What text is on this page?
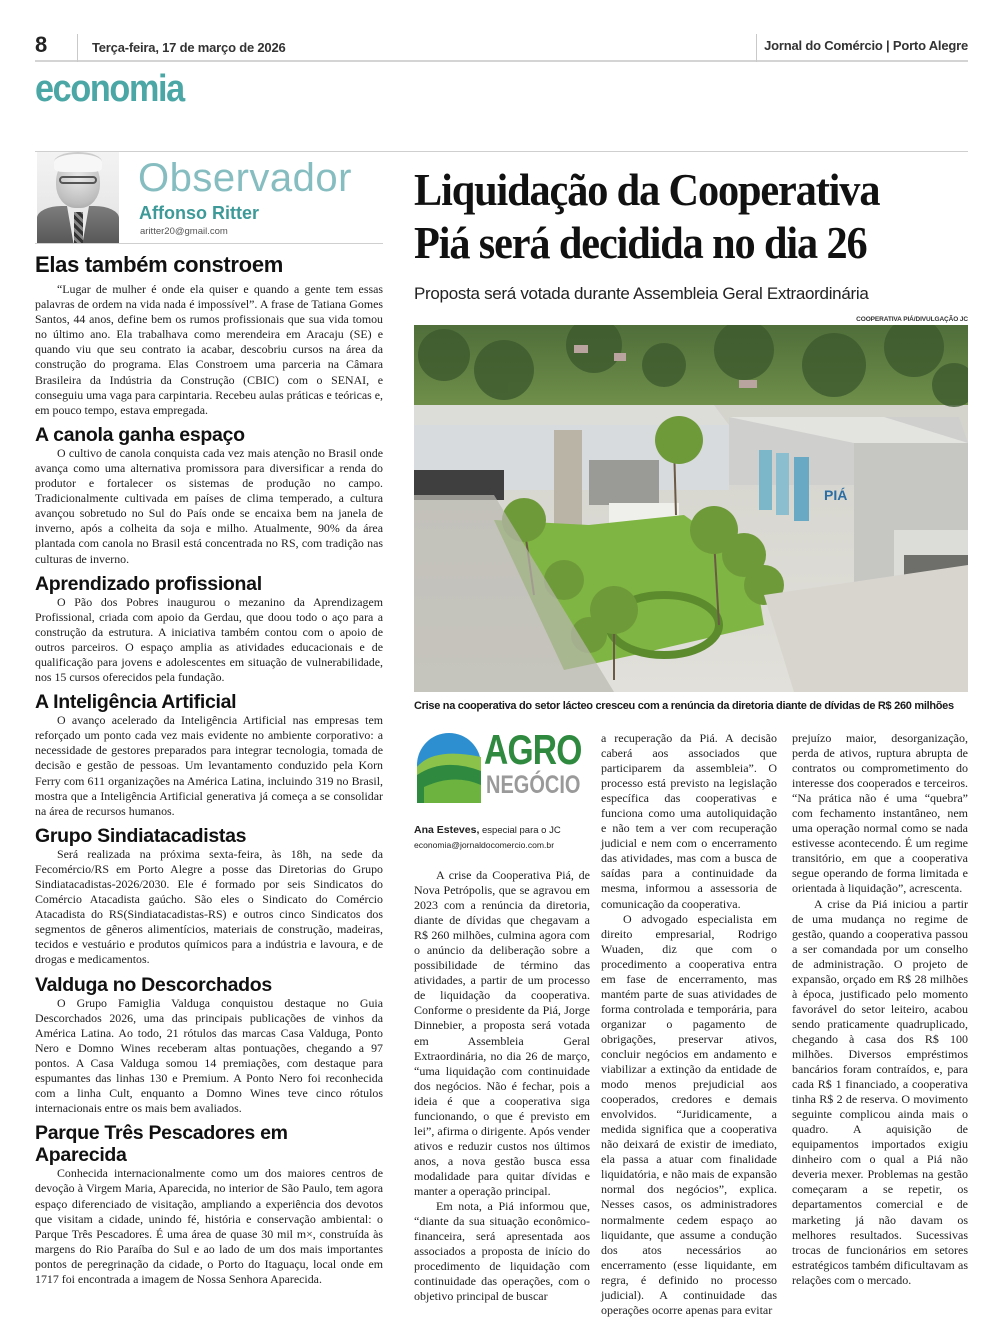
8	Terça-feira, 17 de março de 2026	Jornal do Comércio | Porto Alegre
economia
Observador
Affonso Ritter
aritter20@gmail.com
Elas também constroem

“Lugar de mulher é onde ela quiser e quando a gente tem essas palavras de ordem na vida nada é impossível”. A frase de Tatiana Gomes Santos, 44 anos, define bem os rumos profissionais que sua vida tomou no último ano. Ela trabalhava como merendeira em Aracaju (SE) e quando viu que seu contrato ia acabar, descobriu cursos na área da construção do programa. Elas Constroem uma parceria na Câmara Brasileira da Indústria da Construção (CBIC) com o SENAI, e conseguiu uma vaga para carpintaria. Recebeu aulas práticas e teóricas e, em pouco tempo, estava empregada.

A canola ganha espaço

O cultivo de canola conquista cada vez mais atenção no Brasil onde avança como uma alternativa promissora para diversificar a renda do produtor e fortalecer os sistemas de produção no campo. Tradicionalmente cultivada em países de clima temperado, a cultura avançou sobretudo no Sul do País onde se encaixa bem na janela de inverno, após a colheita da soja e milho. Atualmente, 90% da área plantada com canola no Brasil está concentrada no RS, com tradição nas culturas de inverno.

Aprendizado profissional

O Pão dos Pobres inaugurou o mezanino da Aprendizagem Profissional, criada com apoio da Gerdau, que doou todo o aço para a construção da estrutura. A iniciativa também contou com o apoio de outros parceiros. O espaço amplia as atividades educacionais e de qualificação para jovens e adolescentes em situação de vulnerabilidade, nos 15 cursos oferecidos pela fundação.

A Inteligência Artificial

O avanço acelerado da Inteligência Artificial nas empresas tem reforçado um ponto cada vez mais evidente no ambiente corporativo: a necessidade de gestores preparados para integrar tecnologia, tomada de decisão e gestão de pessoas. Um levantamento conduzido pela Korn Ferry com 611 organizações na América Latina, incluindo 319 no Brasil, mostra que a Inteligência Artificial generativa já começa a se consolidar na área de recursos humanos.

Grupo Sindiatacadistas

Será realizada na próxima sexta-feira, às 18h, na sede da Fecomércio/RS em Porto Alegre a posse das Diretorias do Grupo Sindiatacadistas-2026/2030. Ele é formado por seis Sindicatos do Comércio Atacadista gaúcho. São eles o Sindicato do Comércio Atacadista do RS(Sindiatacadistas-RS) e outros cinco Sindicatos dos segmentos de gêneros alimentícios, materiais de construção, madeiras, tecidos e vestuário e produtos químicos para a indústria e lavoura, e de drogas e medicamentos.

Valduga no Descorchados

O Grupo Famiglia Valduga conquistou destaque no Guia Descorchados 2026, uma das principais publicações de vinhos da América Latina. Ao todo, 21 rótulos das marcas Casa Valduga, Ponto Nero e Domno Wines receberam altas pontuações, chegando a 97 pontos. A Casa Valduga somou 14 premiações, com destaque para espumantes das linhas 130 e Premium. A Ponto Nero foi reconhecida com a linha Cult, enquanto a Domno Wines teve cinco rótulos internacionais entre os mais bem avaliados.

Parque Três Pescadores em Aparecida

Conhecida internacionalmente como um dos maiores centros de devoção à Virgem Maria, Aparecida, no interior de São Paulo, tem agora espaço diferenciado de visitação, ampliando a experiência dos devotos que visitam a cidade, unindo fé, história e conservação ambiental: o Parque Três Pescadores. É uma área de quase 30 mil m×, construída às margens do Rio Paraíba do Sul e ao lado de um dos mais importantes pontos de peregrinação da cidade, o Porto do Itaguaçu, local onde em 1717 foi encontrada a imagem de Nossa Senhora Aparecida.

Liquidação da Cooperativa Piá será decidida no dia 26
Proposta será votada durante Assembleia Geral Extraordinária
COOPERATIVA PIÁ/DIVULGAÇÃO JC
PIÁ
Crise na cooperativa do setor lácteo cresceu com a renúncia da diretoria diante de dívidas de R$ 260 milhões
AGRO
NEGÓCIO
Ana Esteves, especial para o JC
economia@jornaldocomercio.com.br

A crise da Cooperativa Piá, de Nova Petrópolis, que se agravou em 2023 com a renúncia da diretoria, diante de dívidas que chegavam a R$ 260 milhões, culmina agora com o anúncio da deliberação sobre a possibilidade de término das atividades, a partir de um processo de liquidação da cooperativa. Conforme o presidente da Piá, Jorge Dinnebier, a proposta será votada em Assembleia Geral Extraordinária, no dia 26 de março, “uma liquidação com continuidade dos negócios. Não é fechar, pois a ideia é que a cooperativa siga funcionando, o que é previsto em lei”, afirma o dirigente. Após vender ativos e reduzir custos nos últimos anos, a nova gestão busca essa modalidade para quitar dívidas e manter a operação principal.

Em nota, a Piá informou que, “diante da sua situação econômico-financeira, será apresentada aos associados a proposta de início do procedimento de liquidação com continuidade das operações, com o objetivo principal de buscar

a recuperação da Piá. A decisão caberá aos associados que participarem da assembleia”. O processo está previsto na legislação específica das cooperativas e funciona como uma autoliquidação e não tem a ver com recuperação judicial e nem com o encerramento das atividades, mas com a busca de saídas para a continuidade da mesma, informou a assessoria de comunicação da cooperativa.

O advogado especialista em direito empresarial, Rodrigo Wuaden, diz que com o procedimento a cooperativa entra em fase de encerramento, mas mantém parte de suas atividades de forma controlada e temporária, para organizar o pagamento de obrigações, preservar ativos, concluir negócios em andamento e viabilizar a extinção da entidade de modo menos prejudicial aos cooperados, credores e demais envolvidos. “Juridicamente, a medida significa que a cooperativa não deixará de existir de imediato, ela passa a atuar com finalidade liquidatória, e não mais de expansão normal dos negócios”, explica. Nesses casos, os administradores normalmente cedem espaço ao liquidante, que assume a condução dos atos necessários ao encerramento (esse liquidante, em regra, é definido no processo judicial). A continuidade das operações ocorre apenas para evitar

prejuízo maior, desorganização, perda de ativos, ruptura abrupta de contratos ou comprometimento do interesse dos cooperados e terceiros. “Na prática não é uma “quebra” com fechamento instantâneo, nem uma operação normal como se nada estivesse acontecendo. É um regime transitório, em que a cooperativa segue operando de forma limitada e orientada à liquidação”, acrescenta.

A crise da Piá iniciou a partir de uma mudança no regime de gestão, quando a cooperativa passou a ser comandada por um conselho de administração. O projeto de expansão, orçado em R$ 28 milhões à época, justificado pelo momento favorável do setor leiteiro, acabou sendo praticamente quadruplicado, chegando à casa dos R$ 100 milhões. Diversos empréstimos bancários foram contraídos, e, para cada R$ 1 financiado, a cooperativa tinha R$ 2 de reserva. O movimento seguinte complicou ainda mais o quadro. A aquisição de equipamentos importados exigiu dinheiro com o qual a Piá não deveria mexer. Problemas na gestão começaram a se repetir, os departamentos comercial e de marketing já não davam os melhores resultados. Sucessivas trocas de funcionários em setores estratégicos também dificultavam as relações com o mercado.
